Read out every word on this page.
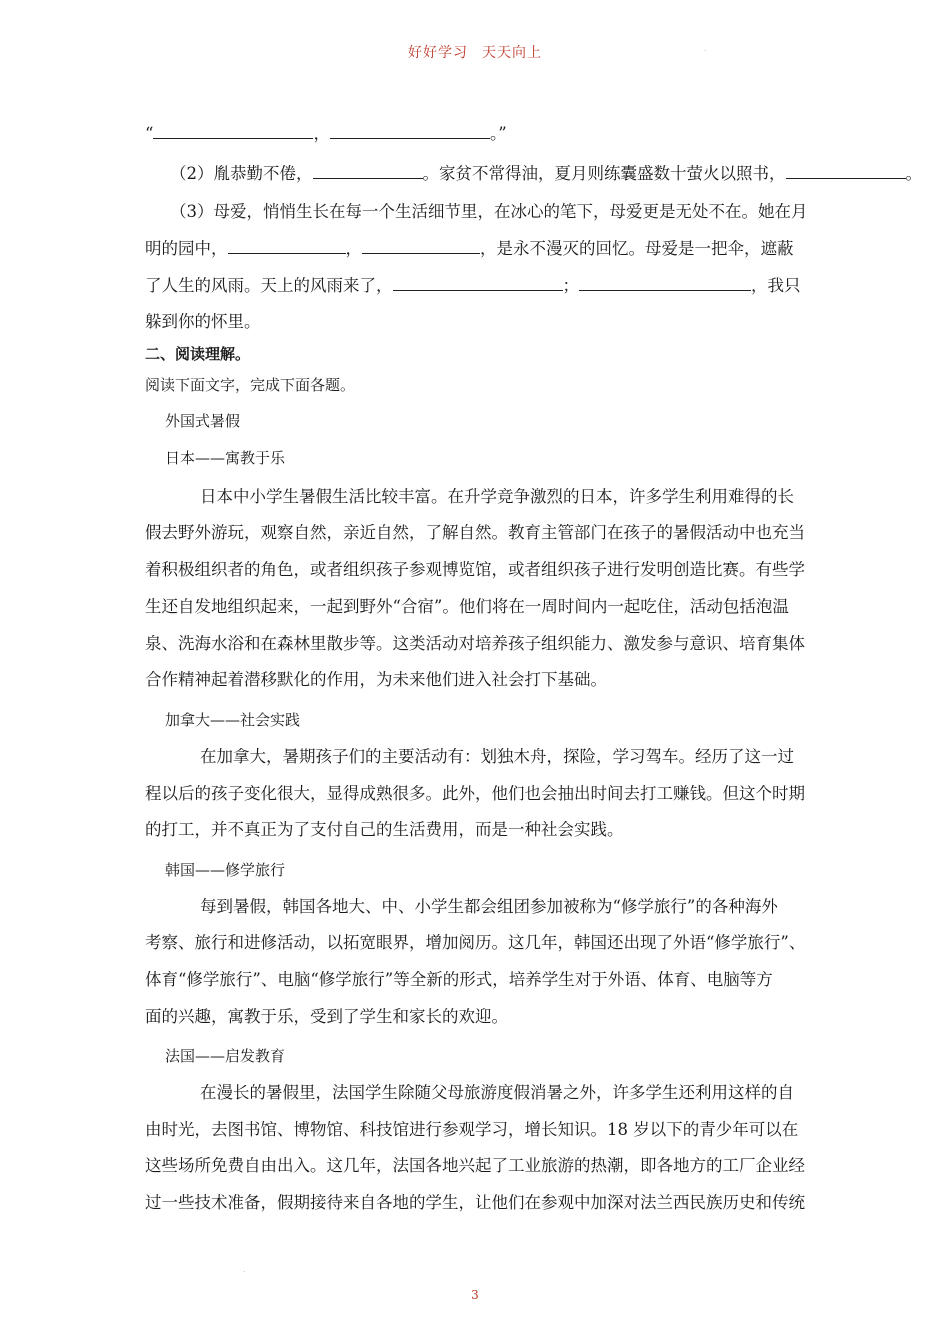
好好学习 天天向上	.
“	，	。”
（2）胤恭勤不倦，	。家贫不常得油，夏月则练囊盛数十萤火以照书，	。
（3）母爱，悄悄生长在每一个生活细节里，在冰心的笔下，母爱更是无处不在。她在月
明的园中，	，	，是永不漫灭的回忆。母爱是一把伞，遮蔽
了人生的风雨。天上的风雨来了，	；	，我只
躲到你的怀里。
二、阅读理解。
阅读下面文字，完成下面各题。
外国式暑假
日本——寓教于乐
日本中小学生暑假生活比较丰富。在升学竞争激烈的日本，许多学生利用难得的长
假去野外游玩，观察自然，亲近自然，了解自然。教育主管部门在孩子的暑假活动中也充当
着积极组织者的角色，或者组织孩子参观博览馆，或者组织孩子进行发明创造比赛。有些学
生还自发地组织起来，一起到野外“合宿”。他们将在一周时间内一起吃住，活动包括泡温
泉、洗海水浴和在森林里散步等。这类活动对培养孩子组织能力、激发参与意识、培育集体
合作精神起着潜移默化的作用，为未来他们进入社会打下基础。
加拿大——社会实践
在加拿大，暑期孩子们的主要活动有：划独木舟，探险，学习驾车。经历了这一过
程以后的孩子变化很大，显得成熟很多。此外，他们也会抽出时间去打工赚钱。但这个时期
的打工，并不真正为了支付自己的生活费用，而是一种社会实践。
韩国——修学旅行
每到暑假，韩国各地大、中、小学生都会组团参加被称为“修学旅行”的各种海外
考察、旅行和进修活动，以拓宽眼界，增加阅历。这几年，韩国还出现了外语“修学旅行”、
体育“修学旅行”、电脑“修学旅行”等全新的形式，培养学生对于外语、体育、电脑等方
面的兴趣，寓教于乐，受到了学生和家长的欢迎。
法国——启发教育
在漫长的暑假里，法国学生除随父母旅游度假消暑之外，许多学生还利用这样的自
由时光，去图书馆、博物馆、科技馆进行参观学习，增长知识。18 岁以下的青少年可以在
这些场所免费自由出入。这几年，法国各地兴起了工业旅游的热潮，即各地方的工厂企业经
过一些技术准备，假期接待来自各地的学生，让他们在参观中加深对法兰西民族历史和传统
.
3
